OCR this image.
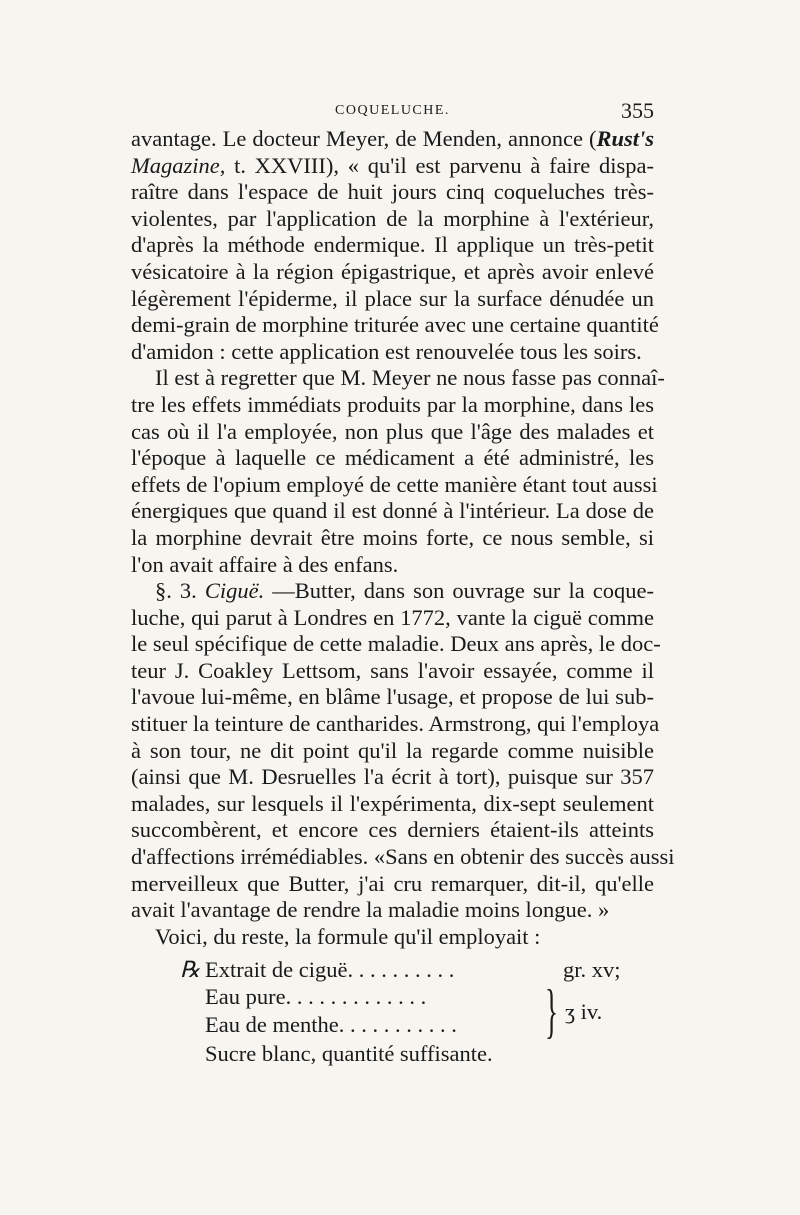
COQUELUCHE.	355
avantage. Le docteur Meyer, de Menden, annonce (Rust's
Magazine, t. XXVIII), « qu'il est parvenu à faire dispa-
raître dans l'espace de huit jours cinq coqueluches très-
violentes, par l'application de la morphine à l'extérieur,
d'après la méthode endermique. Il applique un très-petit
vésicatoire à la région épigastrique, et après avoir enlevé
légèrement l'épiderme, il place sur la surface dénudée un
demi-grain de morphine triturée avec une certaine quantité
d'amidon : cette application est renouvelée tous les soirs.
Il est à regretter que M. Meyer ne nous fasse pas connaî-
tre les effets immédiats produits par la morphine, dans les
cas où il l'a employée, non plus que l'âge des malades et
l'époque à laquelle ce médicament a été administré, les
effets de l'opium employé de cette manière étant tout aussi
énergiques que quand il est donné à l'intérieur. La dose de
la morphine devrait être moins forte, ce nous semble, si
l'on avait affaire à des enfans.
§. 3. Ciguë. —Butter, dans son ouvrage sur la coque-
luche, qui parut à Londres en 1772, vante la ciguë comme
le seul spécifique de cette maladie. Deux ans après, le doc-
teur J. Coakley Lettsom, sans l'avoir essayée, comme il
l'avoue lui-même, en blâme l'usage, et propose de lui sub-
stituer la teinture de cantharides. Armstrong, qui l'employa
à son tour, ne dit point qu'il la regarde comme nuisible
(ainsi que M. Desruelles l'a écrit à tort), puisque sur 357
malades, sur lesquels il l'expérimenta, dix-sept seulement
succombèrent, et encore ces derniers étaient-ils atteints
d'affections irrémédiables. «Sans en obtenir des succès aussi
merveilleux que Butter, j'ai cru remarquer, dit-il, qu'elle
avait l'avantage de rendre la maladie moins longue. »
Voici, du reste, la formule qu'il employait :
℞ Extrait de ciguë. . . . . . . . . .	gr. xv;
Eau pure. . . . . . . . . . . . .
Eau de menthe. . . . . . . . . . . } ʒ iv.
Sucre blanc, quantité suffisante.
